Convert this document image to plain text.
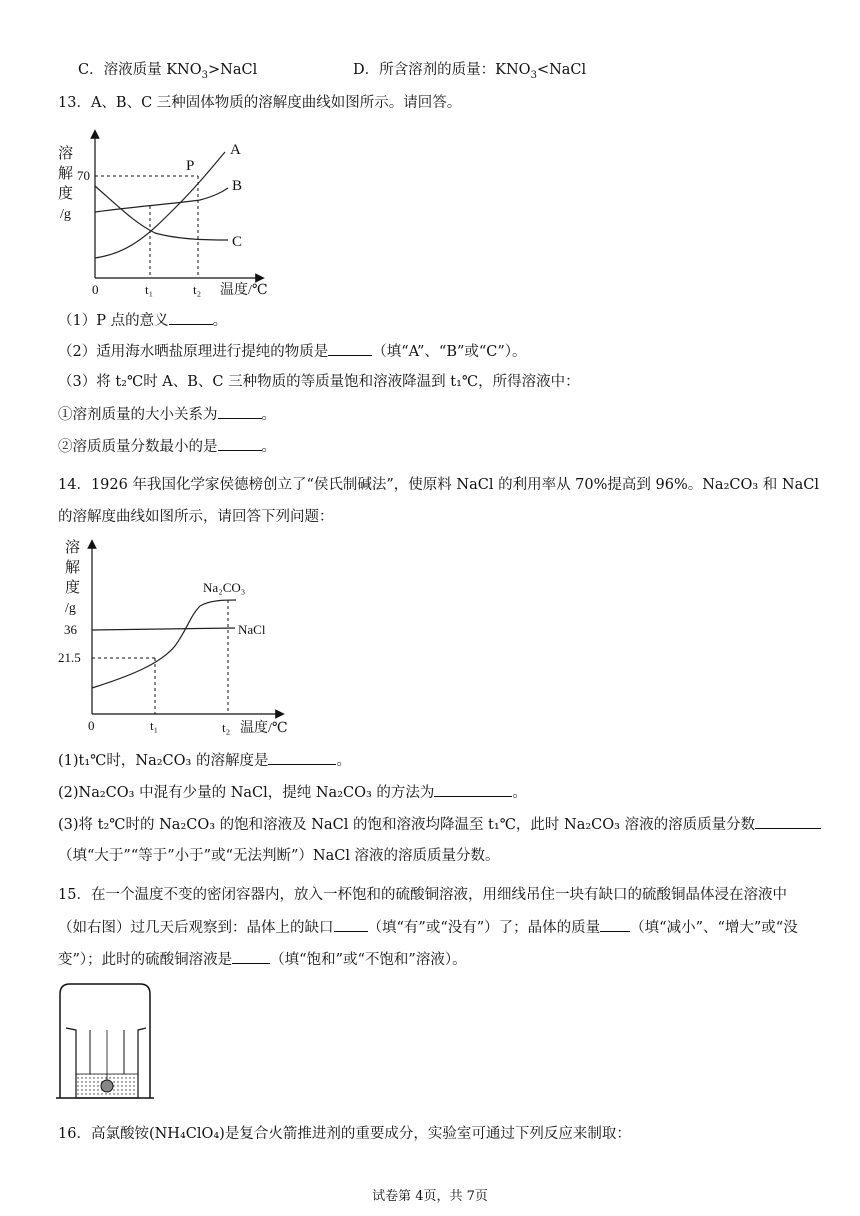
C．溶液质量 $KNO_3>NaCl$	D．所含溶剂的质量：$KNO_3<NaCl$
13．A、B、C 三种固体物质的溶解度曲线如图所示。请回答。
溶
解
度
/g
70
P
A
B
C
0	t₁	t₂ 温度/℃
（1）P 点的意义	。
（2）适用海水晒盐原理进行提纯的物质是	（填“A”、“B”或“C”）。
（3）将 t₂℃时 A、B、C 三种物质的等质量饱和溶液降温到 t₁℃，所得溶液中：
①溶剂质量的大小关系为	。
②溶质质量分数最小的是	。
14．1926 年我国化学家侯德榜创立了“侯氏制碱法”，使原料 NaCl 的利用率从 70%提高到 96%。Na₂CO₃ 和 NaCl
的溶解度曲线如图所示，请回答下列问题：
溶
解
度
/g
36
21.5
Na₂CO₃
NaCl
0	t₁	t₂ 温度/℃
(1)t₁℃时，Na₂CO₃ 的溶解度是	。
(2)Na₂CO₃ 中混有少量的 NaCl，提纯 Na₂CO₃ 的方法为	。
(3)将 t₂℃时的 Na₂CO₃ 的饱和溶液及 NaCl 的饱和溶液均降温至 t₁℃，此时 Na₂CO₃ 溶液的溶质质量分数
（填“大于”“等于”小于”或“无法判断”）NaCl 溶液的溶质质量分数。
15．在一个温度不变的密闭容器内，放入一杯饱和的硫酸铜溶液，用细线吊住一块有缺口的硫酸铜晶体浸在溶液中
（如右图）过几天后观察到：晶体上的缺口 （填“有”或“没有”）了；晶体的质量 （填“减小”、“增大”或“没
变”）；此时的硫酸铜溶液是	（填“饱和”或“不饱和”溶液）。
16．高氯酸铵(NH₄ClO₄)是复合火箭推进剂的重要成分，实验室可通过下列反应来制取：
试卷第 4页，共 7页
